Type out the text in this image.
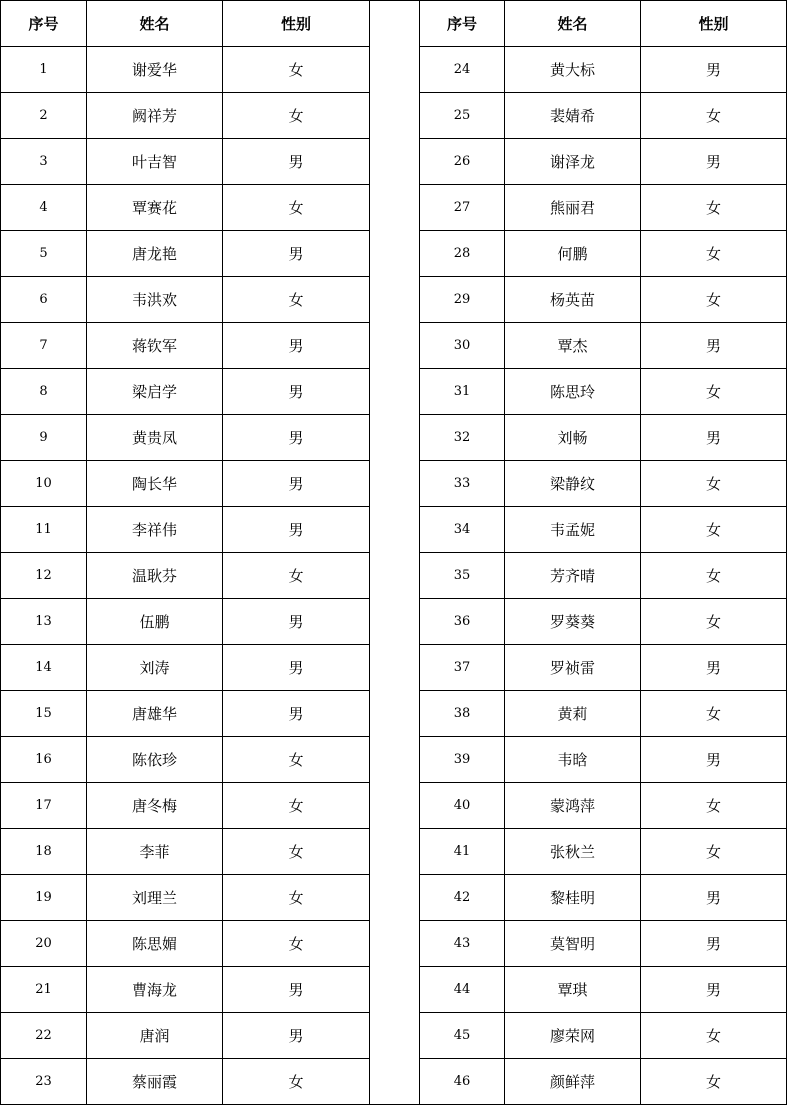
序号	姓名	性别		序号	姓名	性别
1	谢爱华	女		24	黄大标	男
2	阙祥芳	女		25	裴婧希	女
3	叶吉智	男		26	谢泽龙	男
4	覃赛花	女		27	熊丽君	女
5	唐龙艳	男		28	何鹏	女
6	韦洪欢	女		29	杨英苗	女
7	蒋钦军	男		30	覃杰	男
8	梁启学	男		31	陈思玲	女
9	黄贵凤	男		32	刘畅	男
10	陶长华	男		33	梁静纹	女
11	李祥伟	男		34	韦孟妮	女
12	温耿芬	女		35	芳齐晴	女
13	伍鹏	男		36	罗葵葵	女
14	刘涛	男		37	罗祯雷	男
15	唐雄华	男		38	黄莉	女
16	陈依珍	女		39	韦晗	男
17	唐冬梅	女		40	蒙鸿萍	女
18	李菲	女		41	张秋兰	女
19	刘理兰	女		42	黎桂明	男
20	陈思媚	女		43	莫智明	男
21	曹海龙	男		44	覃琪	男
22	唐润	男		45	廖荣网	女
23	蔡丽霞	女		46	颜鲜萍	女
